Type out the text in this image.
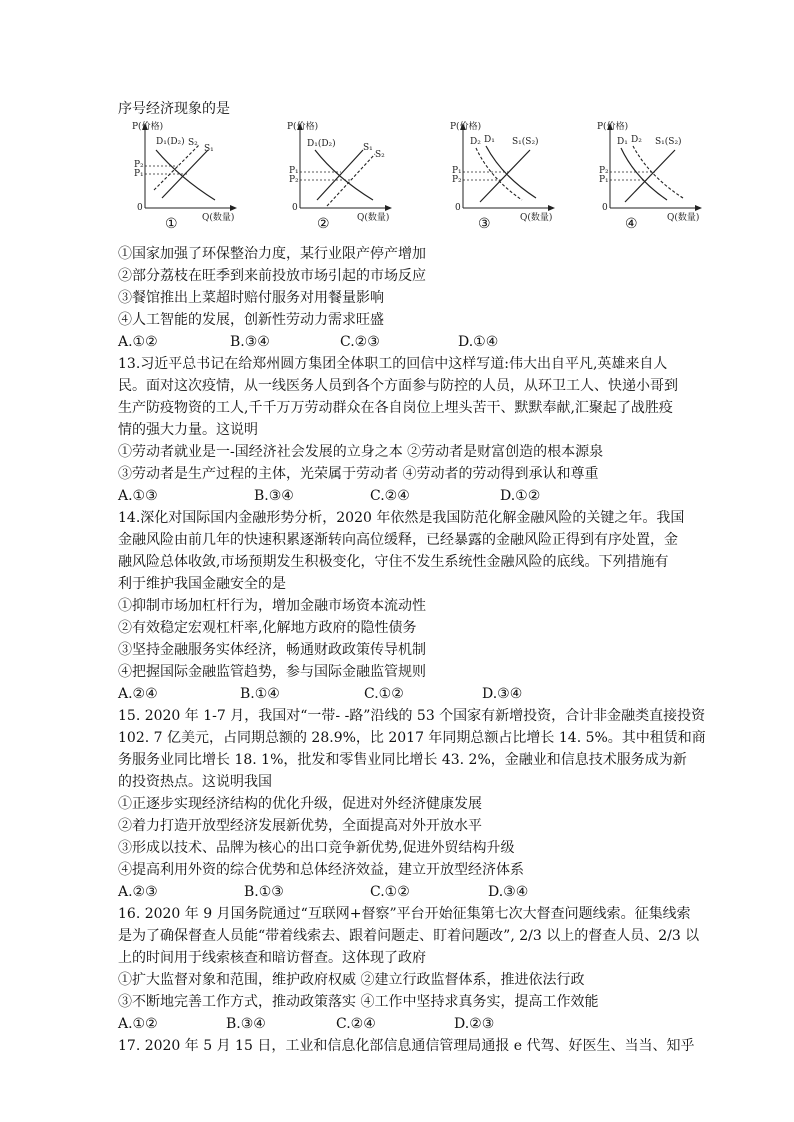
序号经济现象的是
P(价格)
Q(数量)
0
D₁(D₂) S₂
S₁
P₂
P₁
①
P(价格)
Q(数量)
0
D₁(D₂)	S₁
S₂
P₁
P₂
②
P(价格)
Q(数量)
0
D₂ D₁ S₁(S₂)
P₁
P₂
③
P(价格)
Q(数量)
0
D₁ D₂ S₁(S₂)
P₂
P₁
④
①国家加强了环保整治力度，某行业限产停产增加
②部分荔枝在旺季到来前投放市场引起的市场反应
③餐馆推出上菜超时赔付服务对用餐量影响
④人工智能的发展，创新性劳动力需求旺盛
A.①②	B.③④	C.②③	D.①④
13.习近平总书记在给郑州圆方集团全体职工的回信中这样写道:伟大出自平凡,英雄来自人
民。面对这次疫情，从一线医务人员到各个方面参与防控的人员，从环卫工人、快递小哥到
生产防疫物资的工人,千千万万劳动群众在各自岗位上埋头苦干、默默奉献,汇聚起了战胜疫
情的强大力量。这说明
①劳动者就业是一-国经济社会发展的立身之本 ②劳动者是财富创造的根本源泉
③劳动者是生产过程的主体，光荣属于劳动者 ④劳动者的劳动得到承认和尊重
A.①③	B.③④	C.②④	D.①②
14.深化对国际国内金融形势分析，2020 年依然是我国防范化解金融风险的关键之年。我国
金融风险由前几年的快速积累逐渐转向高位缓释，已经暴露的金融风险正得到有序处置，金
融风险总体收敛,市场预期发生积极变化，守住不发生系统性金融风险的底线。下列措施有
利于维护我国金融安全的是
①抑制市场加杠杆行为，增加金融市场资本流动性
②有效稳定宏观杠杆率,化解地方政府的隐性债务
③坚持金融服务实体经济，畅通财政政策传导机制
④把握国际金融监管趋势，参与国际金融监管规则
A.②④	B.①④	C.①②	D.③④
15. 2020 年 1-7 月，我国对“一带- -路”沿线的 53 个国家有新增投资，合计非金融类直接投资
102. 7 亿美元，占同期总额的 28.9%，比 2017 年同期总额占比增长 14. 5%。其中租赁和商
务服务业同比增长 18. 1%，批发和零售业同比增长 43. 2%，金融业和信息技术服务成为新
的投资热点。这说明我国
①正逐步实现经济结构的优化升级，促进对外经济健康发展
②着力打造开放型经济发展新优势，全面提高对外开放水平
③形成以技术、品牌为核心的出口竞争新优势,促进外贸结构升级
④提高利用外资的综合优势和总体经济效益，建立开放型经济体系
A.②③	B.①③	C.①②	D.③④
16. 2020 年 9 月国务院通过“互联网+督察”平台开始征集第七次大督查问题线索。征集线索
是为了确保督查人员能“带着线索去、跟着问题走、盯着问题改”, 2/3 以上的督查人员、2/3 以
上的时间用于线索核查和暗访督查。这体现了政府
①扩大监督对象和范围，维护政府权威 ②建立行政监督体系，推进依法行政
③不断地完善工作方式，推动政策落实 ④工作中坚持求真务实，提高工作效能
A.①②	B.③④	C.②④	D.②③
17. 2020 年 5 月 15 日，工业和信息化部信息通信管理局通报 e 代驾、好医生、当当、知乎
